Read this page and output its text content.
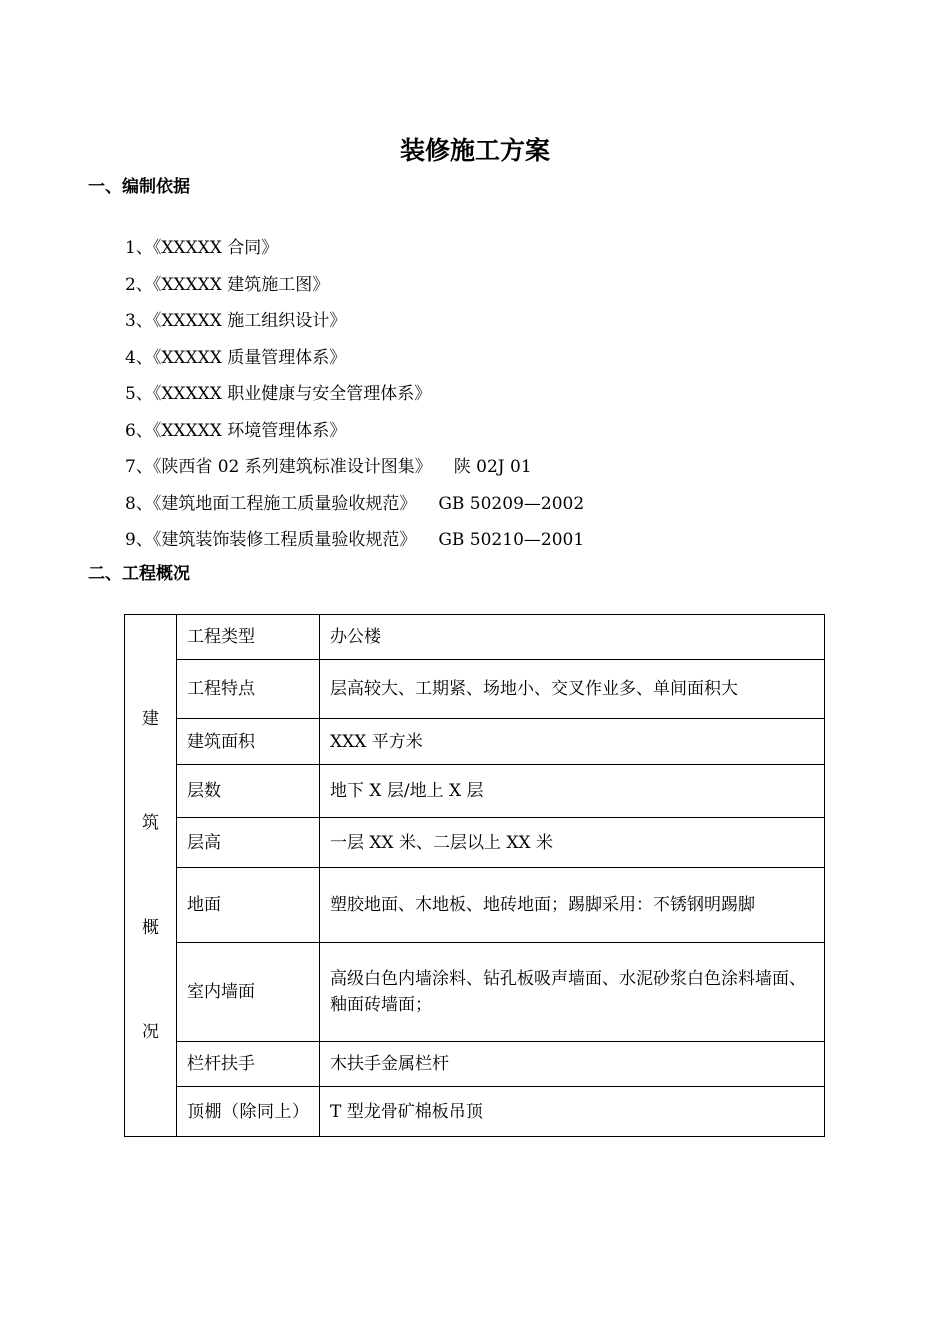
装修施工方案
一、编制依据
1、《XXXXX 合同》
2、《XXXXX 建筑施工图》
3、《XXXXX 施工组织设计》
4、《XXXXX 质量管理体系》
5、《XXXXX 职业健康与安全管理体系》
6、《XXXXX 环境管理体系》
7、《陕西省 02 系列建筑标准设计图集》 陕 02J 01
8、《建筑地面工程施工质量验收规范》 GB 50209—2002
9、《建筑装饰装修工程质量验收规范》 GB 50210—2001
二、工程概况
建
筑
概
况	工程类型	办公楼
	工程特点	层高较大、工期紧、场地小、交叉作业多、单间面积大
	建筑面积	XXX 平方米
	层数	地下 X 层/地上 X 层
	层高	一层 XX 米、二层以上 XX 米
	地面	塑胶地面、木地板、地砖地面；踢脚采用：不锈钢明踢脚
	室内墙面	高级白色内墙涂料、钻孔板吸声墙面、水泥砂浆白色涂料墙面、釉面砖墙面；
	栏杆扶手	木扶手金属栏杆
	顶棚（除同上）	T 型龙骨矿棉板吊顶
